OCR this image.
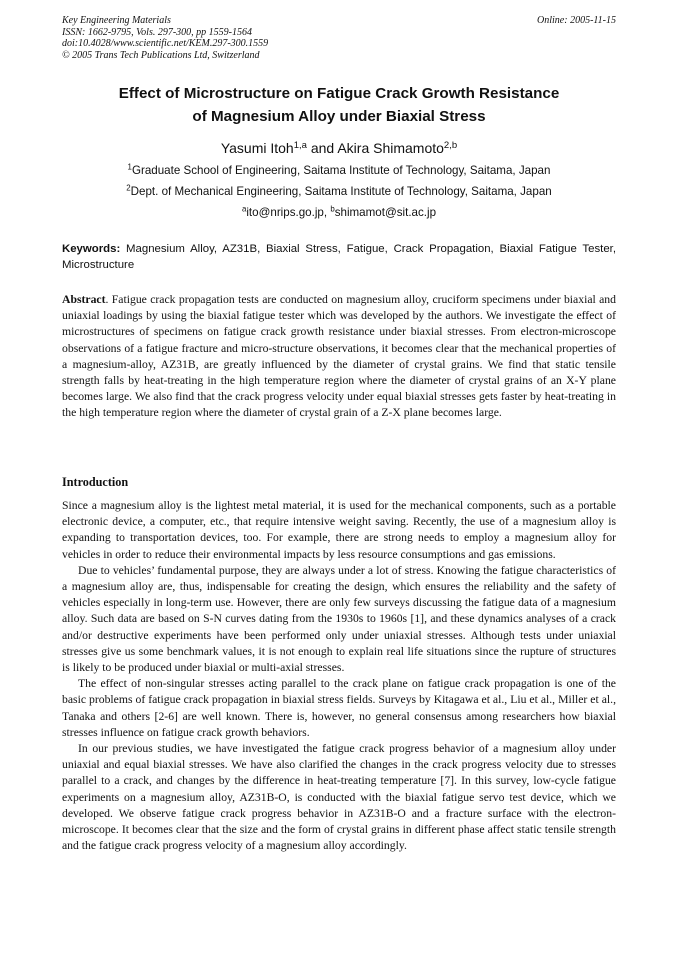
Key Engineering Materials
ISSN: 1662-9795, Vols. 297-300, pp 1559-1564
doi:10.4028/www.scientific.net/KEM.297-300.1559
© 2005 Trans Tech Publications Ltd, Switzerland
Online: 2005-11-15
Effect of Microstructure on Fatigue Crack Growth Resistance
of Magnesium Alloy under Biaxial Stress
Yasumi Itoh$^{1,a}$ and Akira Shimamoto$^{2,b}$
$^1$Graduate School of Engineering, Saitama Institute of Technology, Saitama, Japan
$^2$Dept. of Mechanical Engineering, Saitama Institute of Technology, Saitama, Japan
$^a$ito@nrips.go.jp, $^b$shimamot@sit.ac.jp
Keywords: Magnesium Alloy, AZ31B, Biaxial Stress, Fatigue, Crack Propagation, Biaxial Fatigue Tester, Microstructure

Abstract. Fatigue crack propagation tests are conducted on magnesium alloy, cruciform specimens under biaxial and uniaxial loadings by using the biaxial fatigue tester which was developed by the authors. We investigate the effect of microstructures of specimens on fatigue crack growth resistance under biaxial stresses. From electron-microscope observations of a fatigue fracture and micro-structure observations, it becomes clear that the mechanical properties of a magnesium-alloy, AZ31B, are greatly influenced by the diameter of crystal grains. We find that static tensile strength falls by heat-treating in the high temperature region where the diameter of crystal grains of an X-Y plane becomes large. We also find that the crack progress velocity under equal biaxial stresses gets faster by heat-treating in the high temperature region where the diameter of crystal grain of a Z-X plane becomes large.

Introduction

Since a magnesium alloy is the lightest metal material, it is used for the mechanical components, such as a portable electronic device, a computer, etc., that require intensive weight saving. Recently, the use of a magnesium alloy is expanding to transportation devices, too. For example, there are strong needs to employ a magnesium alloy for vehicles in order to reduce their environmental impacts by less resource consumptions and gas emissions.

Due to vehicles’ fundamental purpose, they are always under a lot of stress. Knowing the fatigue characteristics of a magnesium alloy are, thus, indispensable for creating the design, which ensures the reliability and the safety of vehicles especially in long-term use. However, there are only few surveys discussing the fatigue data of a magnesium alloy. Such data are based on S-N curves dating from the 1930s to 1960s [1], and these dynamics analyses of a crack and/or destructive experiments have been performed only under uniaxial stresses. Although tests under uniaxial stresses give us some benchmark values, it is not enough to explain real life situations since the rupture of structures is likely to be produced under biaxial or multi-axial stresses.

The effect of non-singular stresses acting parallel to the crack plane on fatigue crack propagation is one of the basic problems of fatigue crack propagation in biaxial stress fields. Surveys by Kitagawa et al., Liu et al., Miller et al., Tanaka and others [2-6] are well known. There is, however, no general consensus among researchers how biaxial stresses influence on fatigue crack growth behaviors.

In our previous studies, we have investigated the fatigue crack progress behavior of a magnesium alloy under uniaxial and equal biaxial stresses. We have also clarified the changes in the crack progress velocity due to stresses parallel to a crack, and changes by the difference in heat-treating temperature [7]. In this survey, low-cycle fatigue experiments on a magnesium alloy, AZ31B-O, is conducted with the biaxial fatigue servo test device, which we developed. We observe fatigue crack progress behavior in AZ31B-O and a fracture surface with the electron-microscope. It becomes clear that the size and the form of crystal grains in different phase affect static tensile strength and the fatigue crack progress velocity of a magnesium alloy accordingly.
